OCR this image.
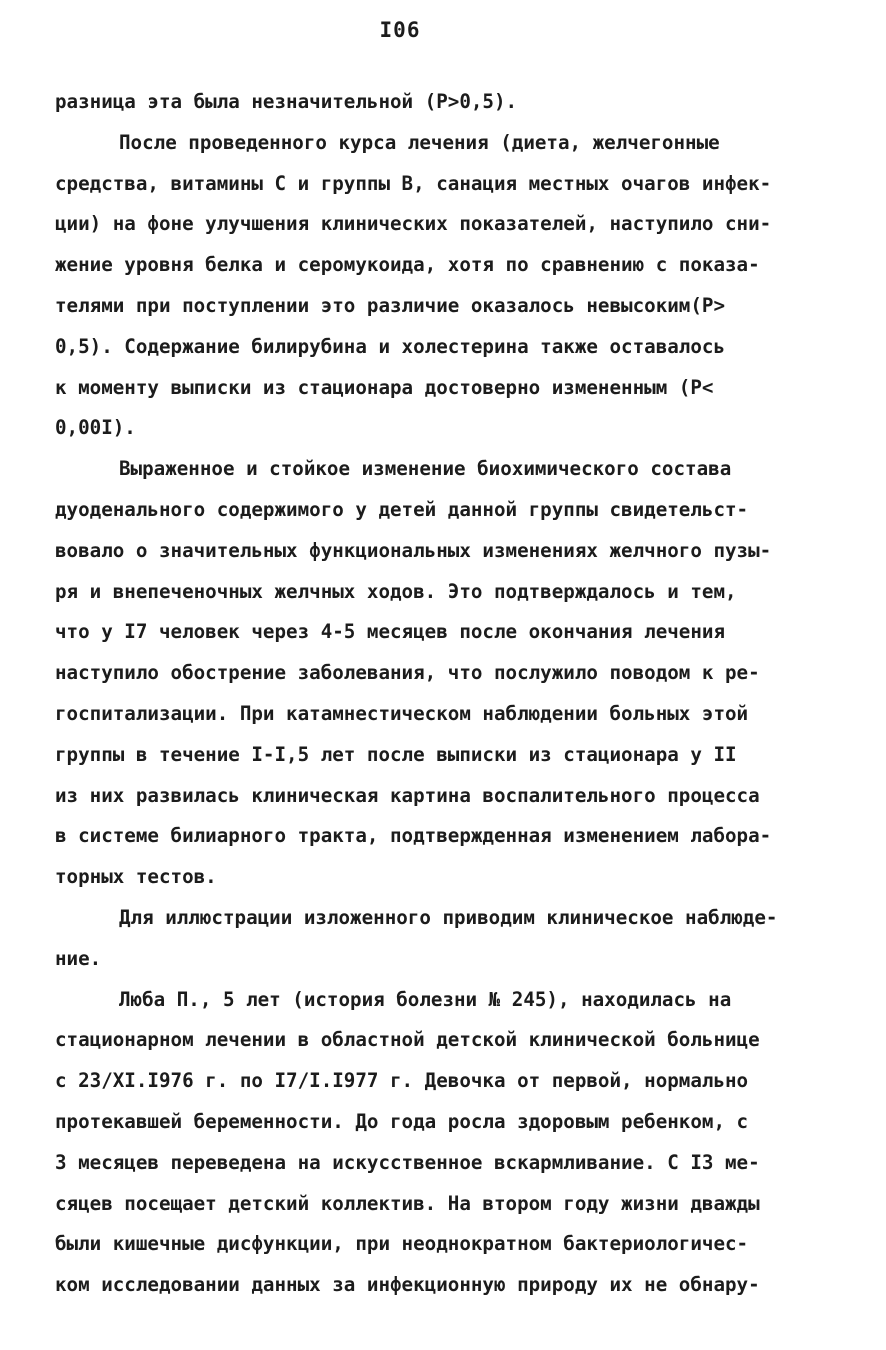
I06
разница эта была незначительной (P>0,5).
После проведенного курса лечения (диета, желчегонные
средства, витамины С и группы В, санация местных очагов инфек-
ции) на фоне улучшения клинических показателей, наступило сни-
жение уровня белка и серомукоида, хотя по сравнению с показа-
телями при поступлении это различие оказалось невысоким(P>
0,5). Содержание билирубина и холестерина также оставалось
к моменту выписки из стационара достоверно измененным (P<
0,00I).
Выраженное и стойкое изменение биохимического состава
дуоденального содержимого у детей данной группы свидетельст-
вовало о значительных функциональных изменениях желчного пузы-
ря и внепеченочных желчных ходов. Это подтверждалось и тем,
что у I7 человек через 4-5 месяцев после окончания лечения
наступило обострение заболевания, что послужило поводом к ре-
госпитализации. При катамнестическом наблюдении больных этой
группы в течение I-I,5 лет после выписки из стационара у II
из них развилась клиническая картина воспалительного процесса
в системе билиарного тракта, подтвержденная изменением лабора-
торных тестов.
Для иллюстрации изложенного приводим клиническое наблюде-
ние.
Люба П., 5 лет (история болезни № 245), находилась на
стационарном лечении в областной детской клинической больнице
с 23/XI.I976 г. по I7/I.I977 г. Девочка от первой, нормально
протекавшей беременности. До года росла здоровым ребенком, с
3 месяцев переведена на искусственное вскармливание. С I3 ме-
сяцев посещает детский коллектив. На втором году жизни дважды
были кишечные дисфункции, при неоднократном бактериологичес-
ком исследовании данных за инфекционную природу их не обнару-
